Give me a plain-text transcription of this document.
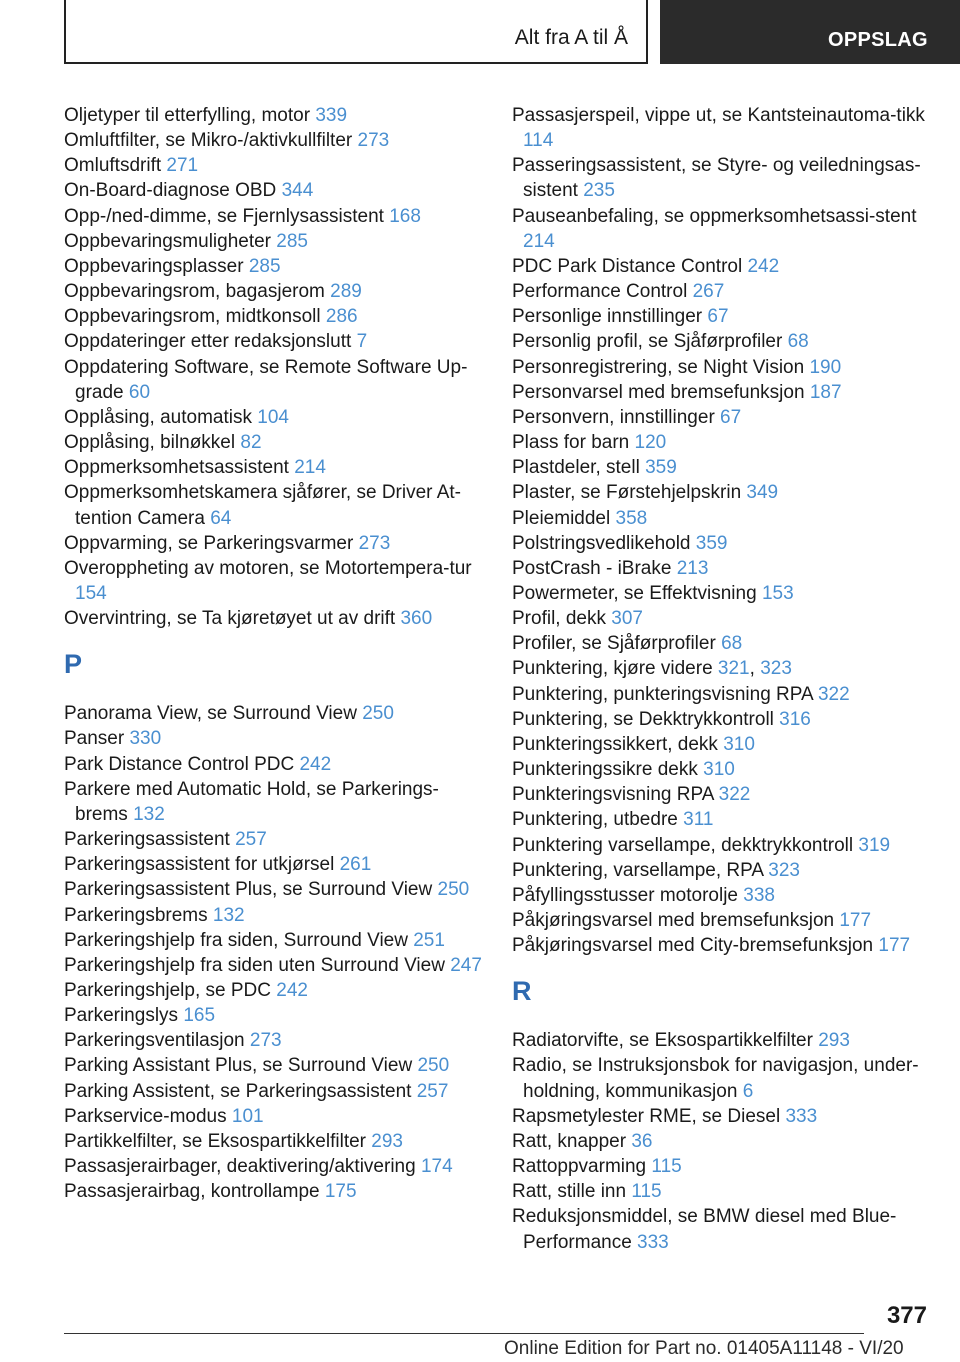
Alt fra A til Å	OPPSLAG
Oljetyper til etterfylling, motor 339
Omluftfilter, se Mikro-/aktivkullfilter 273
Omluftsdrift 271
On-Board-diagnose OBD 344
Opp-/ned-dimme, se Fjernlysassistent 168
Oppbevaringsmuligheter 285
Oppbevaringsplasser 285
Oppbevaringsrom, bagasjerom 289
Oppbevaringsrom, midtkonsoll 286
Oppdateringer etter redaksjonslutt 7
Oppdatering Software, se Remote Software Up-grade 60
Opplåsing, automatisk 104
Opplåsing, bilnøkkel 82
Oppmerksomhetsassistent 214
Oppmerksomhetskamera sjåfører, se Driver At-tention Camera 64
Oppvarming, se Parkeringsvarmer 273
Overoppheting av motoren, se Motortempera-tur 154
Overvintring, se Ta kjøretøyet ut av drift 360
P
Panorama View, se Surround View 250
Panser 330
Park Distance Control PDC 242
Parkere med Automatic Hold, se Parkerings-brems 132
Parkeringsassistent 257
Parkeringsassistent for utkjørsel 261
Parkeringsassistent Plus, se Surround View 250
Parkeringsbrems 132
Parkeringshjelp fra siden, Surround View 251
Parkeringshjelp fra siden uten Surround View 247
Parkeringshjelp, se PDC 242
Parkeringslys 165
Parkeringsventilasjon 273
Parking Assistant Plus, se Surround View 250
Parking Assistent, se Parkeringsassistent 257
Parkservice-modus 101
Partikkelfilter, se Eksospartikkelfilter 293
Passasjerairbager, deaktivering/aktivering 174
Passasjerairbag, kontrollampe 175
Passasjerspeil, vippe ut, se Kantsteinautoma-tikk 114
Passeringsassistent, se Styre- og veiledningsas-sistent 235
Pauseanbefaling, se oppmerksomhetsassi-stent 214
PDC Park Distance Control 242
Performance Control 267
Personlige innstillinger 67
Personlig profil, se Sjåførprofiler 68
Personregistrering, se Night Vision 190
Personvarsel med bremsefunksjon 187
Personvern, innstillinger 67
Plass for barn 120
Plastdeler, stell 359
Plaster, se Førstehjelpskrin 349
Pleiemiddel 358
Polstringsvedlikehold 359
PostCrash - iBrake 213
Powermeter, se Effektvisning 153
Profil, dekk 307
Profiler, se Sjåførprofiler 68
Punktering, kjøre videre 321, 323
Punktering, punkteringsvisning RPA 322
Punktering, se Dekktrykkontroll 316
Punkteringssikkert, dekk 310
Punkteringssikre dekk 310
Punkteringsvisning RPA 322
Punktering, utbedre 311
Punktering varsellampe, dekktrykkontroll 319
Punktering, varsellampe, RPA 323
Påfyllingsstusser motorolje 338
Påkjøringsvarsel med bremsefunksjon 177
Påkjøringsvarsel med City-bremsefunksjon 177
R
Radiatorvifte, se Eksospartikkelfilter 293
Radio, se Instruksjonsbok for navigasjon, under-holdning, kommunikasjon 6
Rapsmetylester RME, se Diesel 333
Ratt, knapper 36
Rattoppvarming 115
Ratt, stille inn 115
Reduksjonsmiddel, se BMW diesel med Blue-Performance 333
377
Online Edition for Part no. 01405A11148 - VI/20
